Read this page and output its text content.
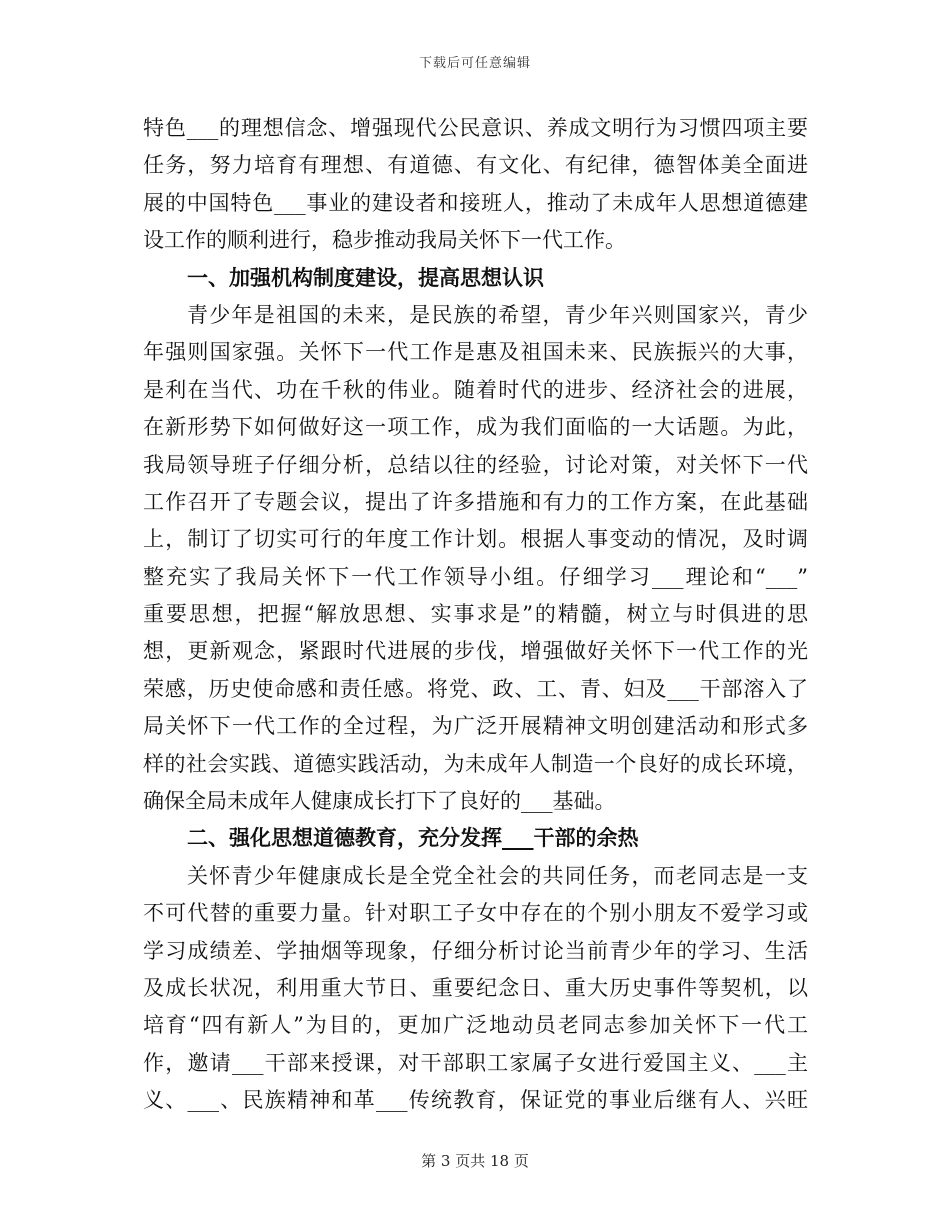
下载后可任意编辑
特色___的理想信念、增强现代公民意识、养成文明行为习惯四项主要
任务，努力培育有理想、有道德、有文化、有纪律，德智体美全面进
展的中国特色___事业的建设者和接班人，推动了未成年人思想道德建
设工作的顺利进行，稳步推动我局关怀下一代工作。
一、加强机构制度建设，提高思想认识
青少年是祖国的未来，是民族的希望，青少年兴则国家兴，青少
年强则国家强。关怀下一代工作是惠及祖国未来、民族振兴的大事，
是利在当代、功在千秋的伟业。随着时代的进步、经济社会的进展，
在新形势下如何做好这一项工作，成为我们面临的一大话题。为此，
我局领导班子仔细分析，总结以往的经验，讨论对策，对关怀下一代
工作召开了专题会议，提出了许多措施和有力的工作方案，在此基础
上，制订了切实可行的年度工作计划。根据人事变动的情况，及时调
整充实了我局关怀下一代工作领导小组。仔细学习___理论和“___”
重要思想，把握“解放思想、实事求是”的精髓，树立与时俱进的思
想，更新观念，紧跟时代进展的步伐，增强做好关怀下一代工作的光
荣感，历史使命感和责任感。将党、政、工、青、妇及___干部溶入了
局关怀下一代工作的全过程，为广泛开展精神文明创建活动和形式多
样的社会实践、道德实践活动，为未成年人制造一个良好的成长环境，
确保全局未成年人健康成长打下了良好的___基础。
二、强化思想道德教育，充分发挥___干部的余热
关怀青少年健康成长是全党全社会的共同任务，而老同志是一支
不可代替的重要力量。针对职工子女中存在的个别小朋友不爱学习或
学习成绩差、学抽烟等现象，仔细分析讨论当前青少年的学习、生活
及成长状况，利用重大节日、重要纪念日、重大历史事件等契机，以
培育“四有新人”为目的，更加广泛地动员老同志参加关怀下一代工
作，邀请___干部来授课，对干部职工家属子女进行爱国主义、___主
义、___、民族精神和革___传统教育，保证党的事业后继有人、兴旺
第 3 页共 18 页
